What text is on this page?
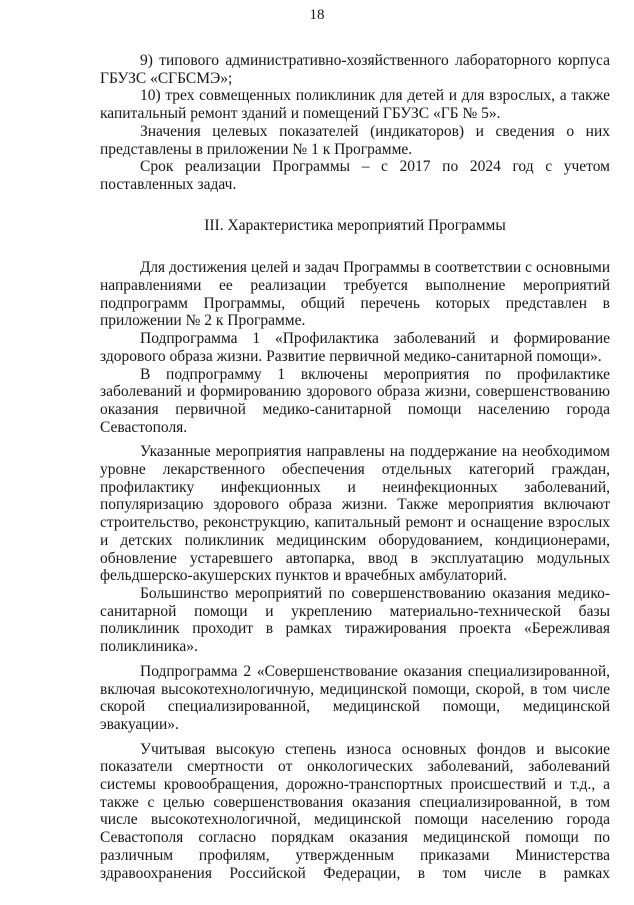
18

9) типового административно-хозяйственного лабораторного корпуса
ГБУЗС «СГБСМЭ»;

10) трех совмещенных поликлиник для детей и для взрослых, а также
капитальный ремонт зданий и помещений ГБУЗС «ГБ № 5».

Значения целевых показателей (индикаторов) и сведения о них
представлены в приложении № 1 к Программе.

Срок реализации Программы – с 2017 по 2024 год с учетом
поставленных задач.

III. Характеристика мероприятий Программы

Для достижения целей и задач Программы в соответствии с основными
направлениями ее реализации требуется выполнение мероприятий
подпрограмм Программы, общий перечень которых представлен в
приложении № 2 к Программе.

Подпрограмма 1 «Профилактика заболеваний и формирование
здорового образа жизни. Развитие первичной медико-санитарной помощи».

В подпрограмму 1 включены мероприятия по профилактике
заболеваний и формированию здорового образа жизни, совершенствованию
оказания первичной медико-санитарной помощи населению города
Севастополя.

Указанные мероприятия направлены на поддержание на необходимом
уровне лекарственного обеспечения отдельных категорий граждан,
профилактику инфекционных и неинфекционных заболеваний,
популяризацию здорового образа жизни. Также мероприятия включают
строительство, реконструкцию, капитальный ремонт и оснащение взрослых
и детских поликлиник медицинским оборудованием, кондиционерами,
обновление устаревшего автопарка, ввод в эксплуатацию модульных
фельдшерско-акушерских пунктов и врачебных амбулаторий.

Большинство мероприятий по совершенствованию оказания медико-
санитарной помощи и укреплению материально-технической базы
поликлиник проходит в рамках тиражирования проекта «Бережливая
поликлиника».

Подпрограмма 2 «Совершенствование оказания специализированной,
включая высокотехнологичную, медицинской помощи, скорой, в том числе
скорой специализированной, медицинской помощи, медицинской
эвакуации».

Учитывая высокую степень износа основных фондов и высокие
показатели смертности от онкологических заболеваний, заболеваний
системы кровообращения, дорожно-транспортных происшествий и т.д., а
также с целью совершенствования оказания специализированной, в том
числе высокотехнологичной, медицинской помощи населению города
Севастополя согласно порядкам оказания медицинской помощи по
различным профилям, утвержденным приказами Министерства
здравоохранения Российской Федерации, в том числе в рамках
